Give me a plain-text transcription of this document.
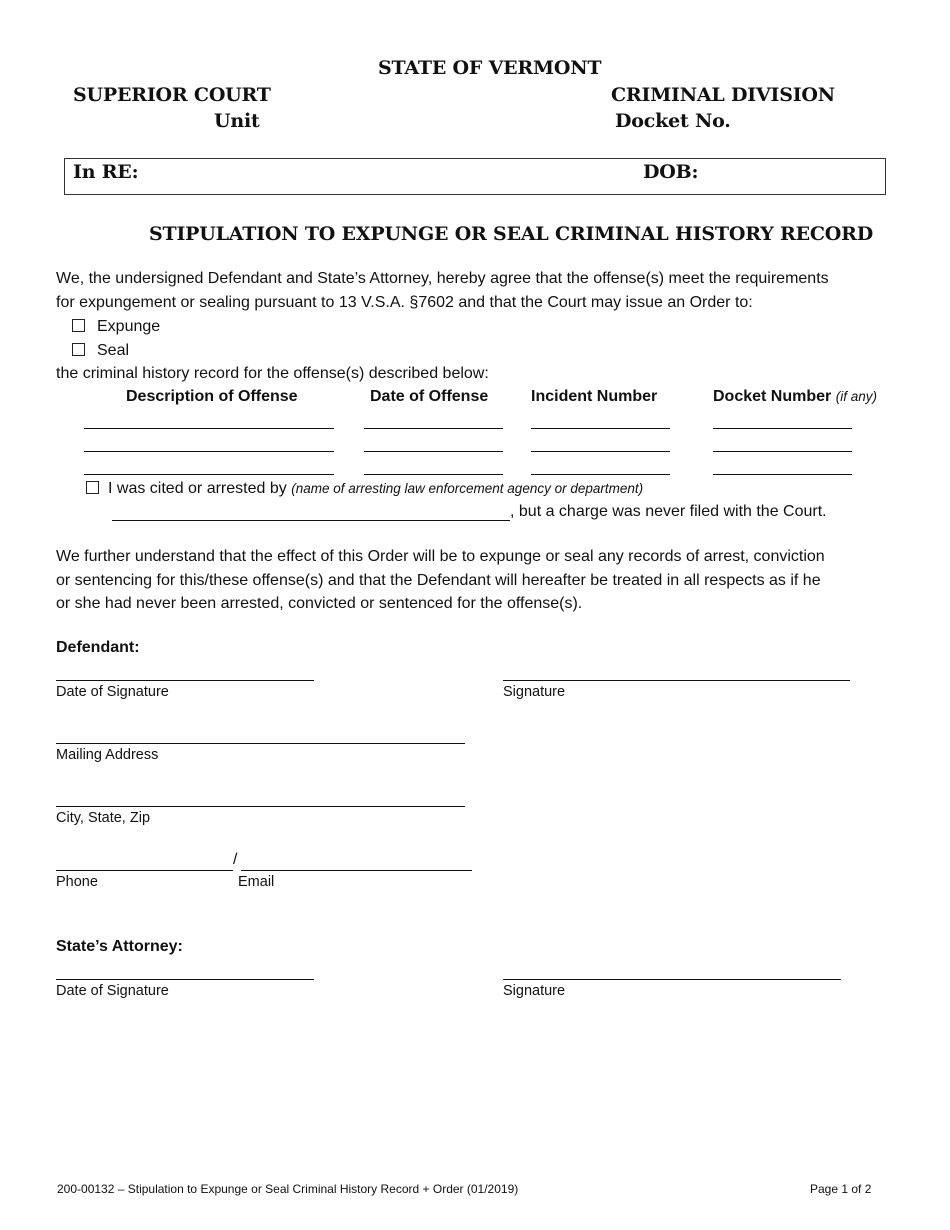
STATE OF VERMONT
SUPERIOR COURT
Unit
CRIMINAL DIVISION
Docket No.
In RE:	DOB:
STIPULATION TO EXPUNGE OR SEAL CRIMINAL HISTORY RECORD
We, the undersigned Defendant and State’s Attorney, hereby agree that the offense(s) meet the requirements
for expungement or sealing pursuant to 13 V.S.A. §7602 and that the Court may issue an Order to:
Expunge
Seal
the criminal history record for the offense(s) described below:
Description of Offense	Date of Offense	Incident Number	Docket Number (if any)
I was cited or arrested by (name of arresting law enforcement agency or department)
, but a charge was never filed with the Court.
We further understand that the effect of this Order will be to expunge or seal any records of arrest, conviction
or sentencing for this/these offense(s) and that the Defendant will hereafter be treated in all respects as if he
or she had never been arrested, convicted or sentenced for the offense(s).
Defendant:
Date of Signature	Signature
Mailing Address
City, State, Zip
/
Phone	Email
State’s Attorney:
Date of Signature	Signature
200-00132 – Stipulation to Expunge or Seal Criminal History Record + Order (01/2019)	Page 1 of 2
